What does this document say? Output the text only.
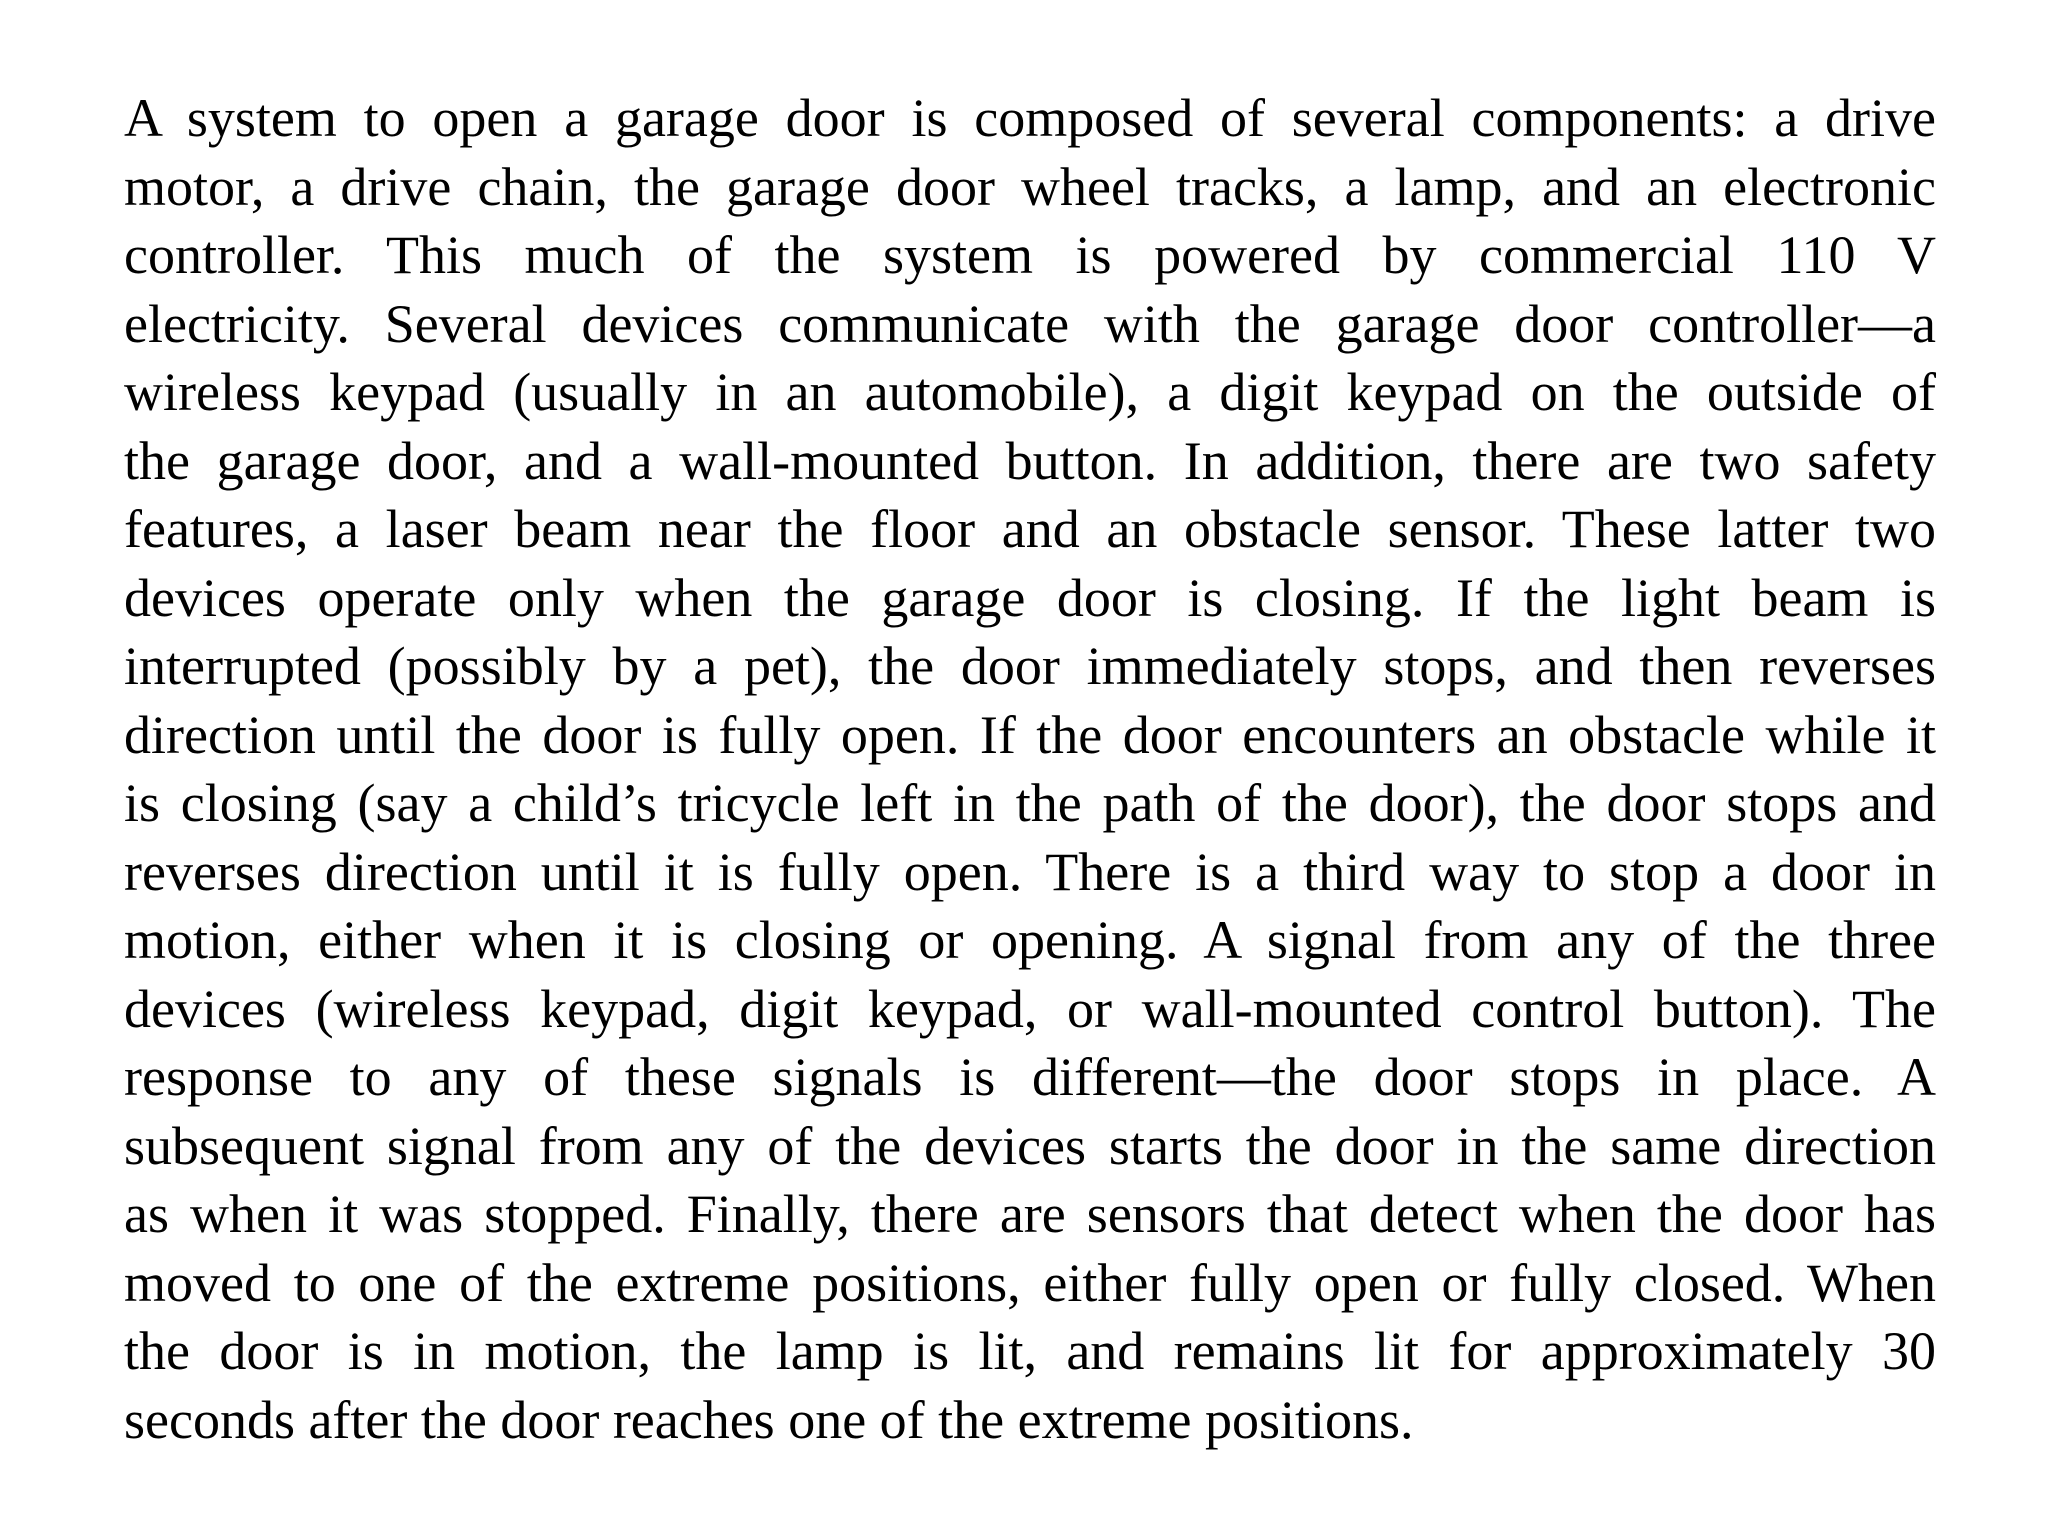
A system to open a garage door is composed of several components: a drive
motor, a drive chain, the garage door wheel tracks, a lamp, and an electronic
controller. This much of the system is powered by commercial 110 V
electricity. Several devices communicate with the garage door controller—a
wireless keypad (usually in an automobile), a digit keypad on the outside of
the garage door, and a wall-mounted button. In addition, there are two safety
features, a laser beam near the floor and an obstacle sensor. These latter two
devices operate only when the garage door is closing. If the light beam is
interrupted (possibly by a pet), the door immediately stops, and then reverses
direction until the door is fully open. If the door encounters an obstacle while it
is closing (say a child’s tricycle left in the path of the door), the door stops and
reverses direction until it is fully open. There is a third way to stop a door in
motion, either when it is closing or opening. A signal from any of the three
devices (wireless keypad, digit keypad, or wall-mounted control button). The
response to any of these signals is different—the door stops in place. A
subsequent signal from any of the devices starts the door in the same direction
as when it was stopped. Finally, there are sensors that detect when the door has
moved to one of the extreme positions, either fully open or fully closed. When
the door is in motion, the lamp is lit, and remains lit for approximately 30
seconds after the door reaches one of the extreme positions.
